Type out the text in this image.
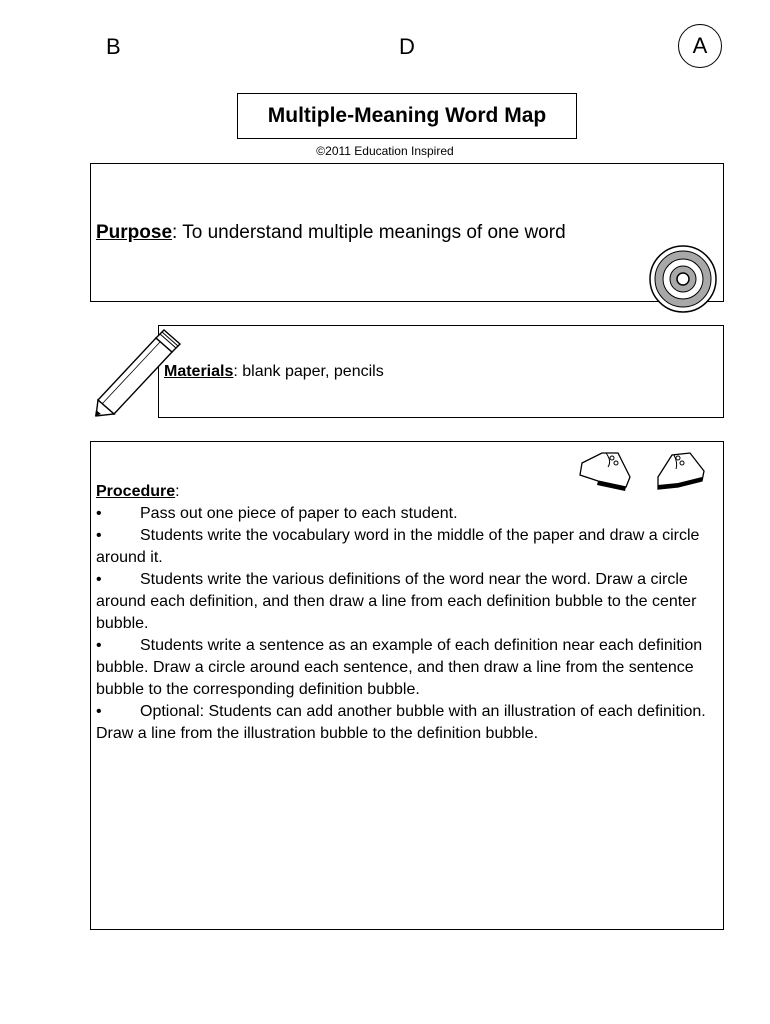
B	D	A
Multiple-Meaning Word Map
©2011 Education Inspired
Purpose: To understand multiple meanings of one word
Materials: blank paper, pencils
Procedure:
• Pass out one piece of paper to each student.
• Students write the vocabulary word in the middle of the paper and draw a circle around it.
• Students write the various definitions of the word near the word. Draw a circle around each definition, and then draw a line from each definition bubble to the center bubble.
• Students write a sentence as an example of each definition near each definition bubble. Draw a circle around each sentence, and then draw a line from the sentence bubble to the corresponding definition bubble.
• Optional: Students can add another bubble with an illustration of each definition. Draw a line from the illustration bubble to the definition bubble.
